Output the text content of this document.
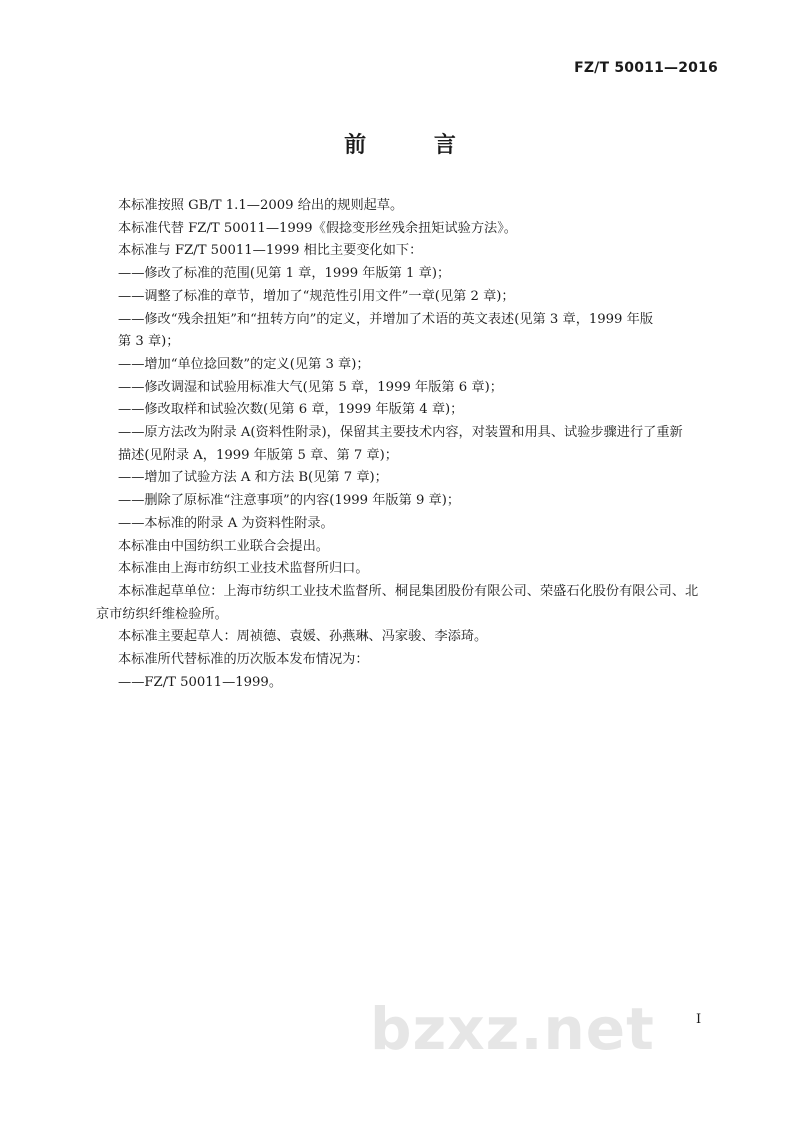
FZ/T 50011—2016
前 言

本标准按照 GB/T 1.1—2009 给出的规则起草。

本标准代替 FZ/T 50011—1999《假捻变形丝残余扭矩试验方法》。

本标准与 FZ/T 50011—1999 相比主要变化如下：

——修改了标准的范围(见第 1 章，1999 年版第 1 章)；

——调整了标准的章节，增加了“规范性引用文件”一章(见第 2 章)；

——修改“残余扭矩”和“扭转方向”的定义，并增加了术语的英文表述(见第 3 章，1999 年版

第 3 章)；

——增加“单位捻回数”的定义(见第 3 章)；

——修改调湿和试验用标准大气(见第 5 章，1999 年版第 6 章)；

——修改取样和试验次数(见第 6 章，1999 年版第 4 章)；

——原方法改为附录 A(资料性附录)，保留其主要技术内容，对装置和用具、试验步骤进行了重新

描述(见附录 A，1999 年版第 5 章、第 7 章)；

——增加了试验方法 A 和方法 B(见第 7 章)；

——删除了原标准“注意事项”的内容(1999 年版第 9 章)；

——本标准的附录 A 为资料性附录。

本标准由中国纺织工业联合会提出。

本标准由上海市纺织工业技术监督所归口。

本标准起草单位：上海市纺织工业技术监督所、桐昆集团股份有限公司、荣盛石化股份有限公司、北

京市纺织纤维检验所。

本标准主要起草人：周祯德、袁媛、孙燕琳、冯家骏、李添琦。

本标准所代替标准的历次版本发布情况为：

——FZ/T 50011—1999。

bzxz.net	I
